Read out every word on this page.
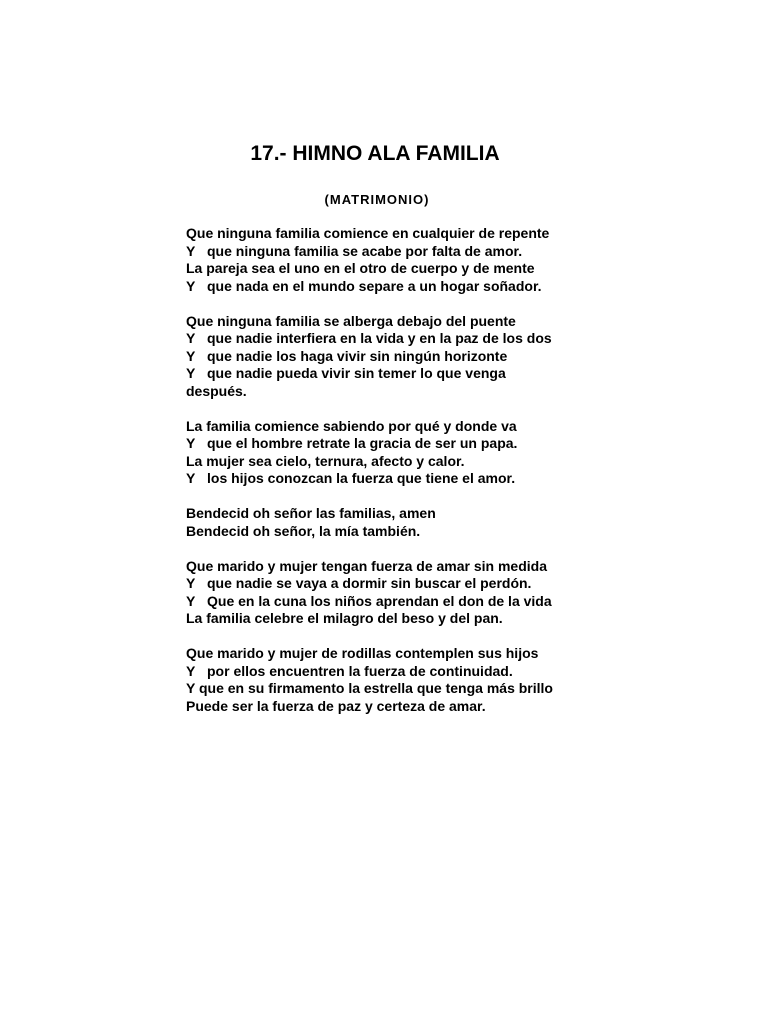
17.- HIMNO ALA FAMILIA
(MATRIMONIO)
Que ninguna familia comience en cualquier de repente
Y que ninguna familia se acabe por falta de amor.
La pareja sea el uno en el otro de cuerpo y de mente
Y que nada en el mundo separe a un hogar soñador.
Que ninguna familia se alberga debajo del puente
Y que nadie interfiera en la vida y en la paz de los dos
Y que nadie los haga vivir sin ningún horizonte
Y que nadie pueda vivir sin temer lo que venga
después.
La familia comience sabiendo por qué y donde va
Y que el hombre retrate la gracia de ser un papa.
La mujer sea cielo, ternura, afecto y calor.
Y los hijos conozcan la fuerza que tiene el amor.
Bendecid oh señor las familias, amen
Bendecid oh señor, la mía también.
Que marido y mujer tengan fuerza de amar sin medida
Y que nadie se vaya a dormir sin buscar el perdón.
Y Que en la cuna los niños aprendan el don de la vida
La familia celebre el milagro del beso y del pan.
Que marido y mujer de rodillas contemplen sus hijos
Y por ellos encuentren la fuerza de continuidad.
Y que en su firmamento la estrella que tenga más brillo
Puede ser la fuerza de paz y certeza de amar.
